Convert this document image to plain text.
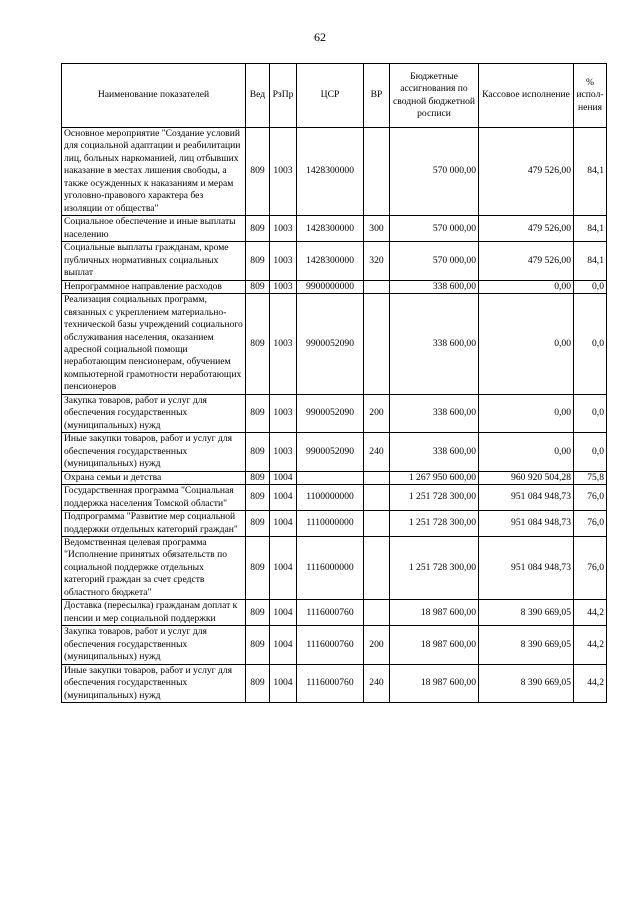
62
Наименование показателей	Вед	РзПр	ЦСР	ВР	Бюджетные ассигнования по сводной бюджетной росписи	Кассовое исполнение	% испол-нения
Основное мероприятие "Создание условий для социальной адаптации и реабилитации лиц, больных наркоманией, лиц отбывших наказание в местах лишения свободы, а также осужденных к наказаниям и мерам уголовно-правового характера без изоляции от общества"	809	1003	1428300000		570 000,00	479 526,00	84,1
Социальное обеспечение и иные выплаты населению	809	1003	1428300000	300	570 000,00	479 526,00	84,1
Социальные выплаты гражданам, кроме публичных нормативных социальных выплат	809	1003	1428300000	320	570 000,00	479 526,00	84,1
Непрограммное направление расходов	809	1003	9900000000		338 600,00	0,00	0,0
Реализация социальных программ, связанных с укреплением материально-технической базы учреждений социального обслуживания населения, оказанием адресной социальной помощи неработающим пенсионерам, обучением компьютерной грамотности неработающих пенсионеров	809	1003	9900052090		338 600,00	0,00	0,0
Закупка товаров, работ и услуг для обеспечения государственных (муниципальных) нужд	809	1003	9900052090	200	338 600,00	0,00	0,0
Иные закупки товаров, работ и услуг для обеспечения государственных (муниципальных) нужд	809	1003	9900052090	240	338 600,00	0,00	0,0
Охрана семьи и детства	809	1004			1 267 950 600,00	960 920 504,28	75,8
Государственная программа "Социальная поддержка населения Томской области"	809	1004	1100000000		1 251 728 300,00	951 084 948,73	76,0
Подпрограмма "Развитие мер социальной поддержки отдельных категорий граждан"	809	1004	1110000000		1 251 728 300,00	951 084 948,73	76,0
Ведомственная целевая программа "Исполнение принятых обязательств по социальной поддержке отдельных категорий граждан за счет средств областного бюджета"	809	1004	1116000000		1 251 728 300,00	951 084 948,73	76,0
Доставка (пересылка) гражданам доплат к пенсии и мер социальной поддержки	809	1004	1116000760		18 987 600,00	8 390 669,05	44,2
Закупка товаров, работ и услуг для обеспечения государственных (муниципальных) нужд	809	1004	1116000760	200	18 987 600,00	8 390 669,05	44,2
Иные закупки товаров, работ и услуг для обеспечения государственных (муниципальных) нужд	809	1004	1116000760	240	18 987 600,00	8 390 669,05	44,2
